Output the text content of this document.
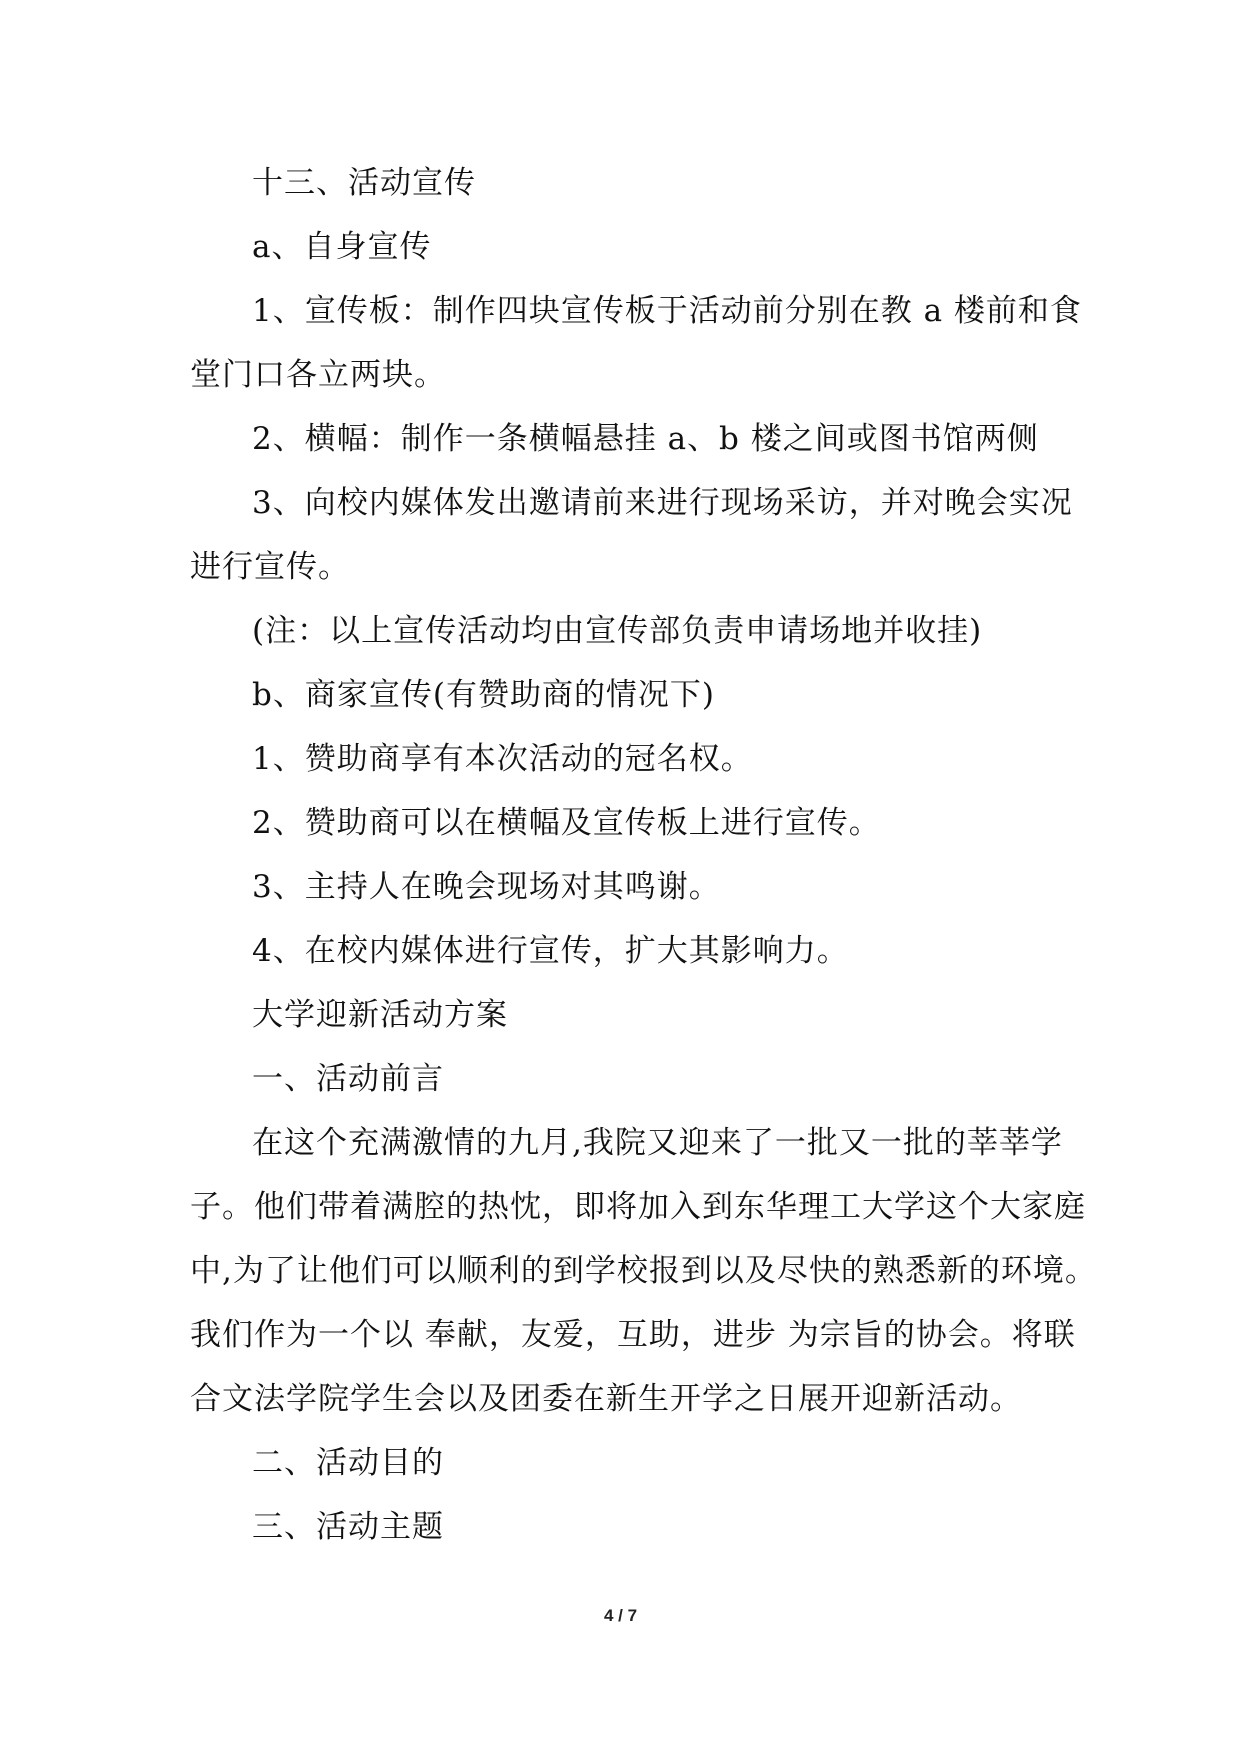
十三、活动宣传
a、自身宣传
1、宣传板：制作四块宣传板于活动前分别在教 a 楼前和食
堂门口各立两块。
2、横幅：制作一条横幅悬挂 a、b 楼之间或图书馆两侧
3、向校内媒体发出邀请前来进行现场采访，并对晚会实况
进行宣传。
(注：以上宣传活动均由宣传部负责申请场地并收挂)
b、商家宣传(有赞助商的情况下)
1、赞助商享有本次活动的冠名权。
2、赞助商可以在横幅及宣传板上进行宣传。
3、主持人在晚会现场对其鸣谢。
4、在校内媒体进行宣传，扩大其影响力。
大学迎新活动方案
一、活动前言
在这个充满激情的九月,我院又迎来了一批又一批的莘莘学
子。他们带着满腔的热忱，即将加入到东华理工大学这个大家庭
中,为了让他们可以顺利的到学校报到以及尽快的熟悉新的环境。
我们作为一个以 奉献，友爱，互助，进步 为宗旨的协会。将联
合文法学院学生会以及团委在新生开学之日展开迎新活动。
二、活动目的
三、活动主题
4 / 7
